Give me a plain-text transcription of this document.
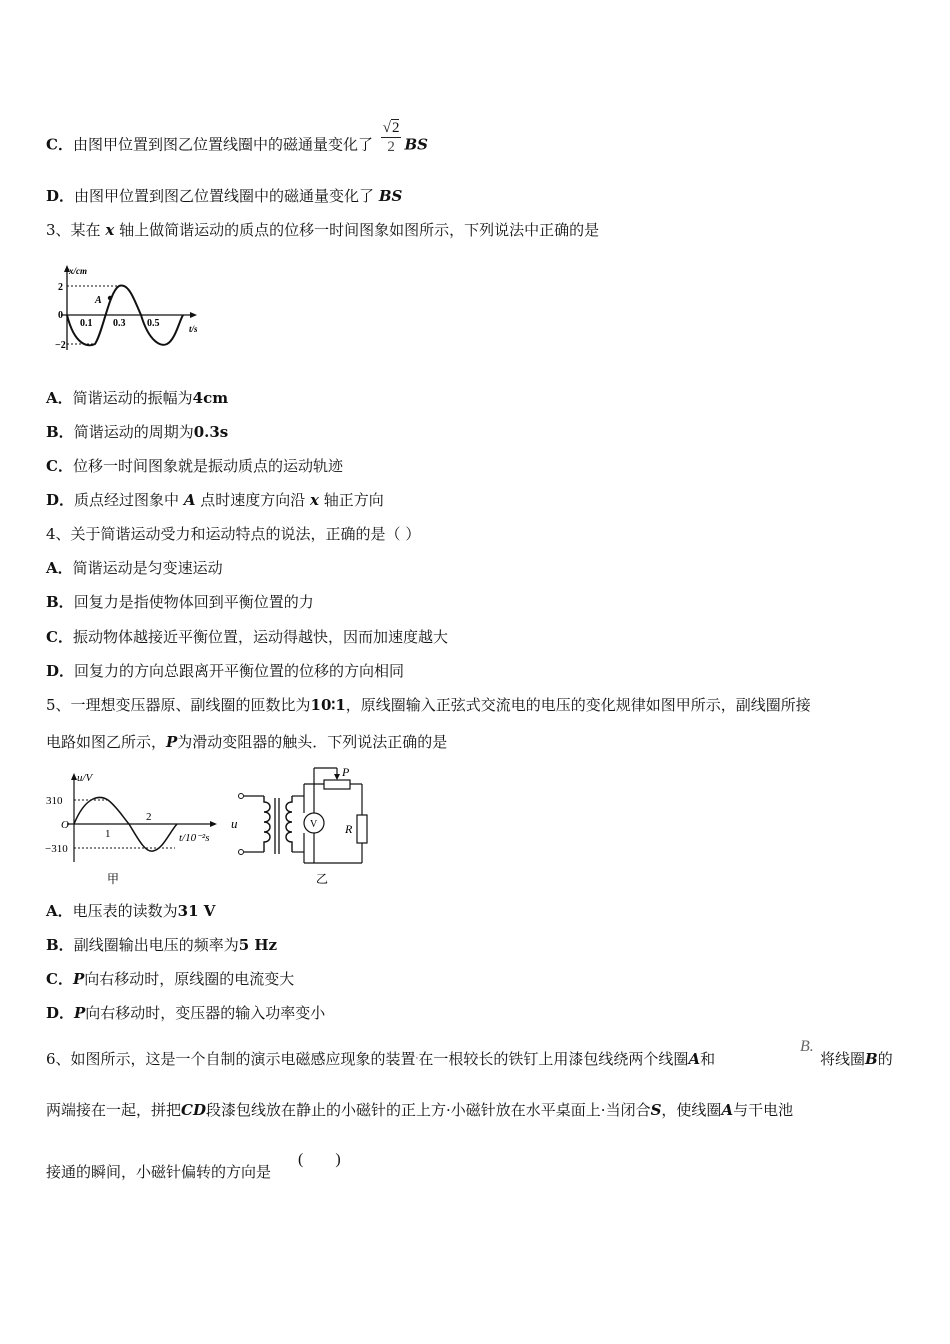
C．由图甲位置到图乙位置线圈中的磁通量变化了 $\frac{√2}{2}$ BS
D．由图甲位置到图乙位置线圈中的磁通量变化了 BS
3、某在 x 轴上做简谐运动的质点的位移一时间图象如图所示，下列说法中正确的是
x/cm
t/s
2
−2
0
A
0.1 0.3 0.5
A．简谐运动的振幅为4cm
B．简谐运动的周期为0.3s
C．位移一时间图象就是振动质点的运动轨迹
D．质点经过图象中 A 点时速度方向沿 x 轴正方向
4、关于简谐运动受力和运动特点的说法，正确的是（ ）
A．简谐运动是匀变速运动
B．回复力是指使物体回到平衡位置的力
C．振动物体越接近平衡位置，运动得越快，因而加速度越大
D．回复力的方向总跟离开平衡位置的位移的方向相同
5、一理想变压器原、副线圈的匝数比为10∶1，原线圈输入正弦式交流电的电压的变化规律如图甲所示，副线圈所接
电路如图乙所示，P为滑动变阻器的触头．下列说法正确的是
u/V
t/10⁻²s
310
−310
O
1
2
甲
u	V R
P
乙
A．电压表的读数为31 V
B．副线圈输出电压的频率为5 Hz
C．P向右移动时，原线圈的电流变大
D．P向右移动时，变压器的输入功率变小
6、如图所示，这是一个自制的演示电磁感应现象的装置·在一根较长的铁钉上用漆包线绕两个线圈A和
B.
将线圈B的
两端接在一起，拼把CD段漆包线放在静止的小磁针的正上方·小磁针放在水平桌面上·当闭合S，使线圈A与干电池
接通的瞬间，小磁针偏转的方向是
(        )
